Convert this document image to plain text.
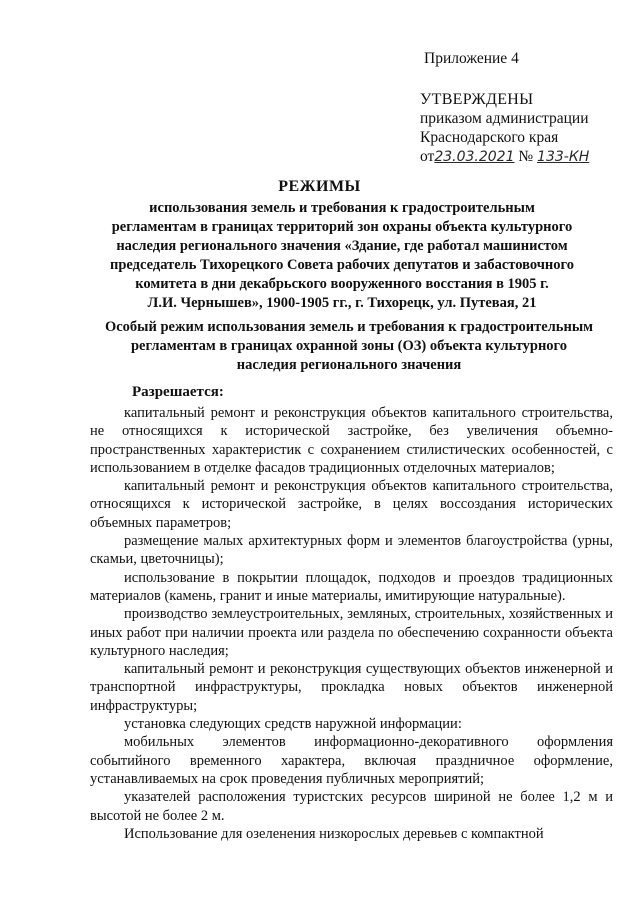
Приложение 4
УТВЕРЖДЕНЫ
приказом администрации
Краснодарского края
от23.03.2021 № 133-КН
РЕЖИМЫ
использования земель и требования к градостроительным
регламентам в границах территорий зон охраны объекта культурного
наследия регионального значения «Здание, где работал машинистом
председатель Тихорецкого Совета рабочих депутатов и забастовочного
комитета в дни декабрьского вооруженного восстания в 1905 г.
Л.И. Чернышев», 1900-1905 гг., г. Тихорецк, ул. Путевая, 21
Особый режим использования земель и требования к градостроительным
регламентам в границах охранной зоны (ОЗ) объекта культурного
наследия регионального значения
Разрешается:

капитальный ремонт и реконструкция объектов капитального строительства, не относящихся к исторической застройке, без увеличения объемно-пространственных характеристик с сохранением стилистических особенностей, с использованием в отделке фасадов традиционных отделочных материалов;

капитальный ремонт и реконструкция объектов капитального строительства, относящихся к исторической застройке, в целях воссоздания исторических объемных параметров;

размещение малых архитектурных форм и элементов благоустройства (урны, скамьи, цветочницы);

использование в покрытии площадок, подходов и проездов традиционных материалов (камень, гранит и иные материалы, имитирующие натуральные).

производство землеустроительных, земляных, строительных, хозяйственных и иных работ при наличии проекта или раздела по обеспечению сохранности объекта культурного наследия;

капитальный ремонт и реконструкция существующих объектов инженерной и транспортной инфраструктуры, прокладка новых объектов инженерной инфраструктуры;

установка следующих средств наружной информации:

мобильных элементов информационно-декоративного оформления событийного временного характера, включая праздничное оформление, устанавливаемых на срок проведения публичных мероприятий;

указателей расположения туристских ресурсов шириной не более 1,2 м и высотой не более 2 м.

Использование для озеленения низкорослых деревьев с компактной
